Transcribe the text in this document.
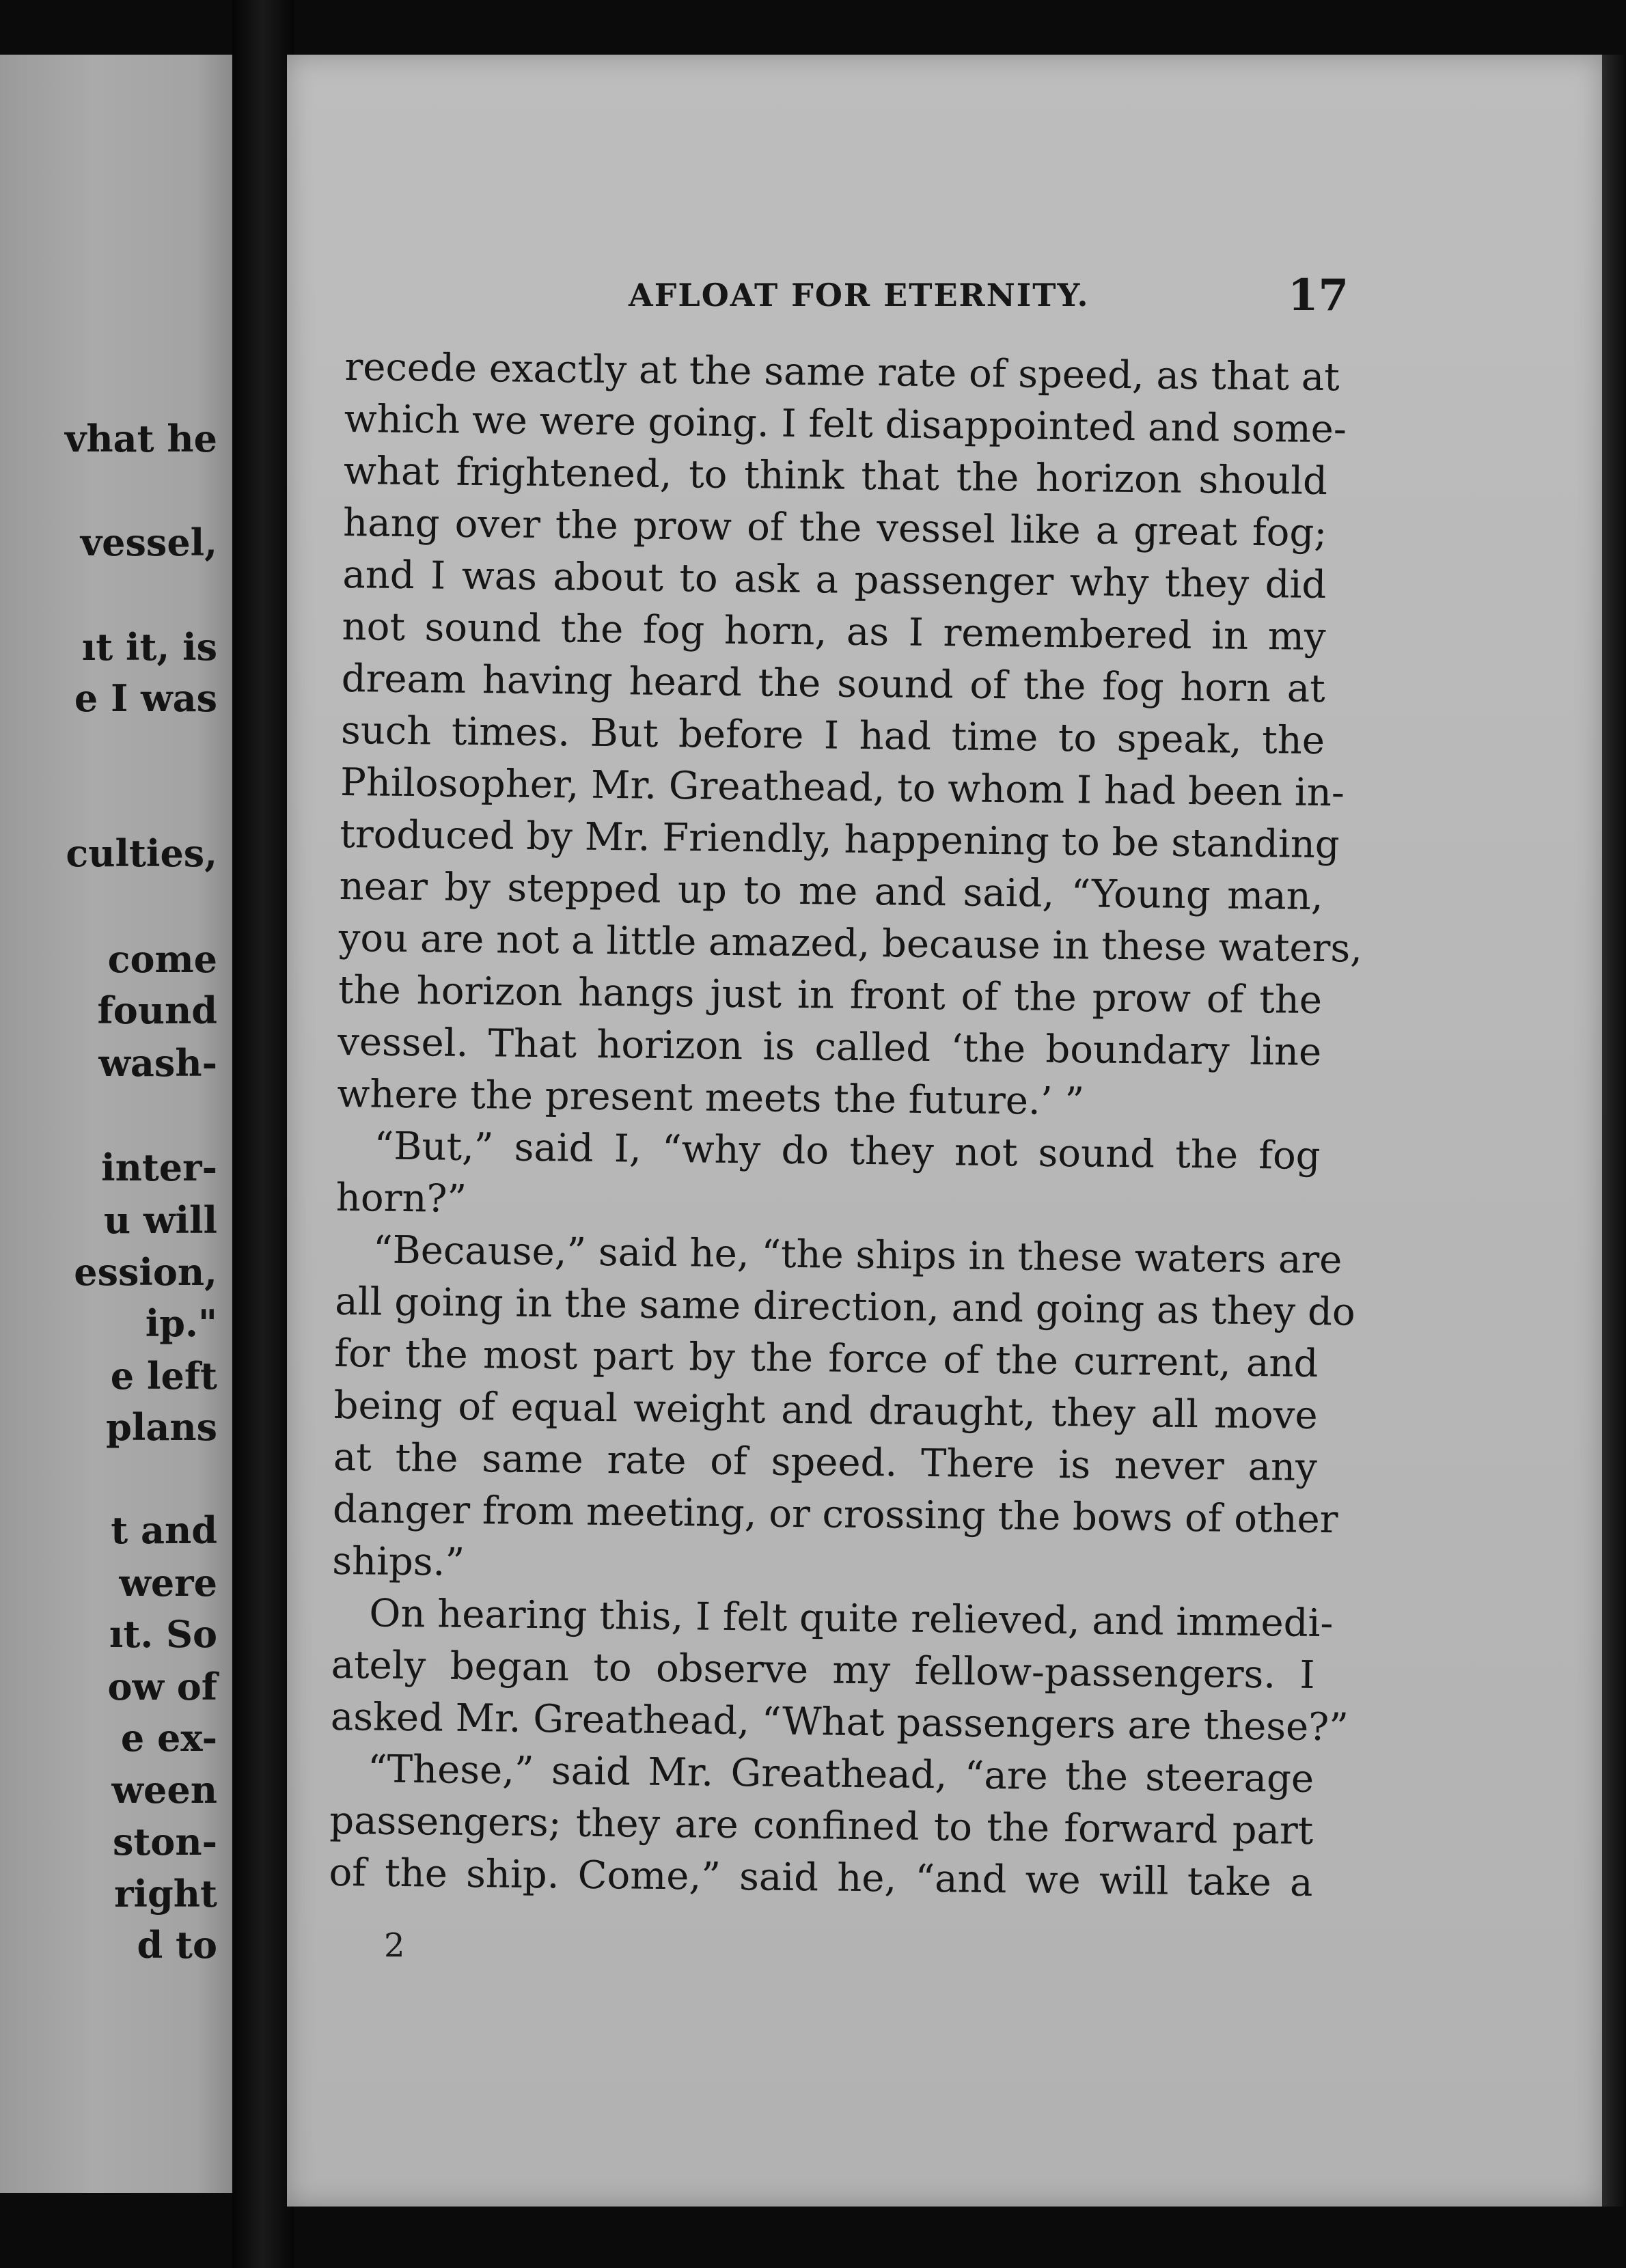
vhat he

vessel,

ıt it, is

e I was

culties,

come

found

wash-

inter-

u will

ession,

ip."

e left

plans

t and

were

ıt. So

ow of

e ex-

ween

ston-

right

d to

AFLOAT FOR ETERNITY.	17

recede exactly at the same rate of speed, as that at
which we were going. I felt disappointed and some-
what frightened, to think that the horizon should
hang over the prow of the vessel like a great fog;
and I was about to ask a passenger why they did
not sound the fog horn, as I remembered in my
dream having heard the sound of the fog horn at
such times. But before I had time to speak, the
Philosopher, Mr. Greathead, to whom I had been in-
troduced by Mr. Friendly, happening to be standing
near by stepped up to me and said, “Young man,
you are not a little amazed, because in these waters,
the horizon hangs just in front of the prow of the
vessel. That horizon is called ‘the boundary line
where the present meets the future.’ ”
“But,” said I, “why do they not sound the fog
horn?”
“Because,” said he, “the ships in these waters are
all going in the same direction, and going as they do
for the most part by the force of the current, and
being of equal weight and draught, they all move
at the same rate of speed. There is never any
danger from meeting, or crossing the bows of other
ships.”
On hearing this, I felt quite relieved, and immedi-
ately began to observe my fellow-passengers. I
asked Mr. Greathead, “What passengers are these?”
“These,” said Mr. Greathead, “are the steerage
passengers; they are confined to the forward part
of the ship. Come,” said he, “and we will take a

2
